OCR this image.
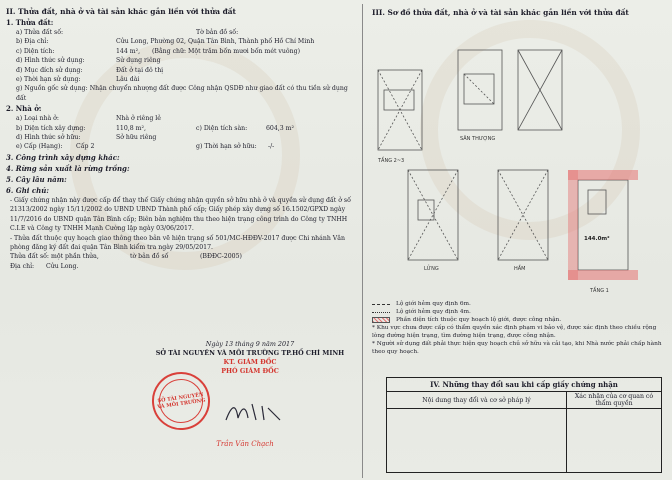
II. Thửa đất, nhà ở và tài sản khác gắn liền với thửa đất
1. Thửa đất:
a) Thửa đất số:	Tờ bản đồ số:
b) Địa chỉ:	Cửu Long, Phường 02, Quận Tân Bình, Thành phố Hồ Chí Minh
c) Diện tích:	144 m²,	(Bằng chữ: Một trăm bốn mươi bốn mét vuông)
d) Hình thức sử dụng:	Sử dụng riêng
đ) Mục đích sử dụng:	Đất ở tại đô thị
e) Thời hạn sử dụng:	Lâu dài
g) Nguồn gốc sử dụng: Nhận chuyển nhượng đất được Công nhận QSDĐ như giao đất có thu tiền sử dụng đất
2. Nhà ở:
a) Loại nhà ở:	Nhà ở riêng lẻ
b) Diện tích xây dựng:	110,8 m²,	c) Diện tích sàn:	604,3 m²
d) Hình thức sở hữu:	Sở hữu riêng
e) Cấp (Hạng):	Cấp 2	g) Thời hạn sở hữu:	-/-
3. Công trình xây dựng khác:
4. Rừng sản xuất là rừng trồng:
5. Cây lâu năm:
6. Ghi chú:
- Giấy chứng nhận này được cấp để thay thế Giấy chứng nhận quyền sở hữu nhà ở và quyền sử dụng đất ở số 21313/2002 ngày 15/11/2002 do UBND UBND Thành phố cấp; Giấy phép xây dựng số 16.1502/GPXD ngày 11/7/2016 do UBND quận Tân Bình cấp; Biên bản nghiệm thu theo hiện trạng công trình do Công ty TNHH C.I.E và Công ty TNHH Mạnh Cường lập ngày 03/06/2017.
- Thửa đất thuộc quy hoạch giao thông theo bản vẽ hiện trạng số 501/MC-HĐĐV-2017 được Chi nhánh Văn phòng đăng ký đất đai quận Tân Bình kiểm tra ngày 29/05/2017.
Thửa đất số: một phần thửa,	tờ bản đồ số	(BĐĐC-2005)
Địa chỉ:	Cửu Long.
Ngày 13 tháng 9 năm 2017
SỞ TÀI NGUYÊN VÀ MÔI TRƯỜNG TP.HỒ CHÍ MINH
KT. GIÁM ĐỐC
PHÓ GIÁM ĐỐC
SỞ TÀI NGUYÊN VÀ MÔI TRƯỜNG
Trần Văn Chạch
III. Sơ đồ thửa đất, nhà ở và tài sản khác gắn liền với thửa đất
TẦNG 2~3
SÂN THƯỢNG
LỬNG	HẦM
TẦNG 1
144.0m²
Lộ giới hẻm quy định 6m.
Lộ giới hẻm quy định 4m.
Phần diện tích thuộc quy hoạch lộ giới, được công nhận.
* Khu vực chưa được cấp có thẩm quyền xác định phạm vi bảo vệ, được xác định theo chiều rộng lòng đường hiện trạng, tìm đường hiện trạng, được công nhận.
* Người sử dụng đất phải thực hiện quy hoạch chủ sở hữu và cải tạo, khi Nhà nước phải chấp hành theo quy hoạch.
IV. Những thay đổi sau khi cấp giấy chứng nhận
Nội dung thay đổi và cơ sở pháp lý	Xác nhận của cơ quan có thẩm quyền
